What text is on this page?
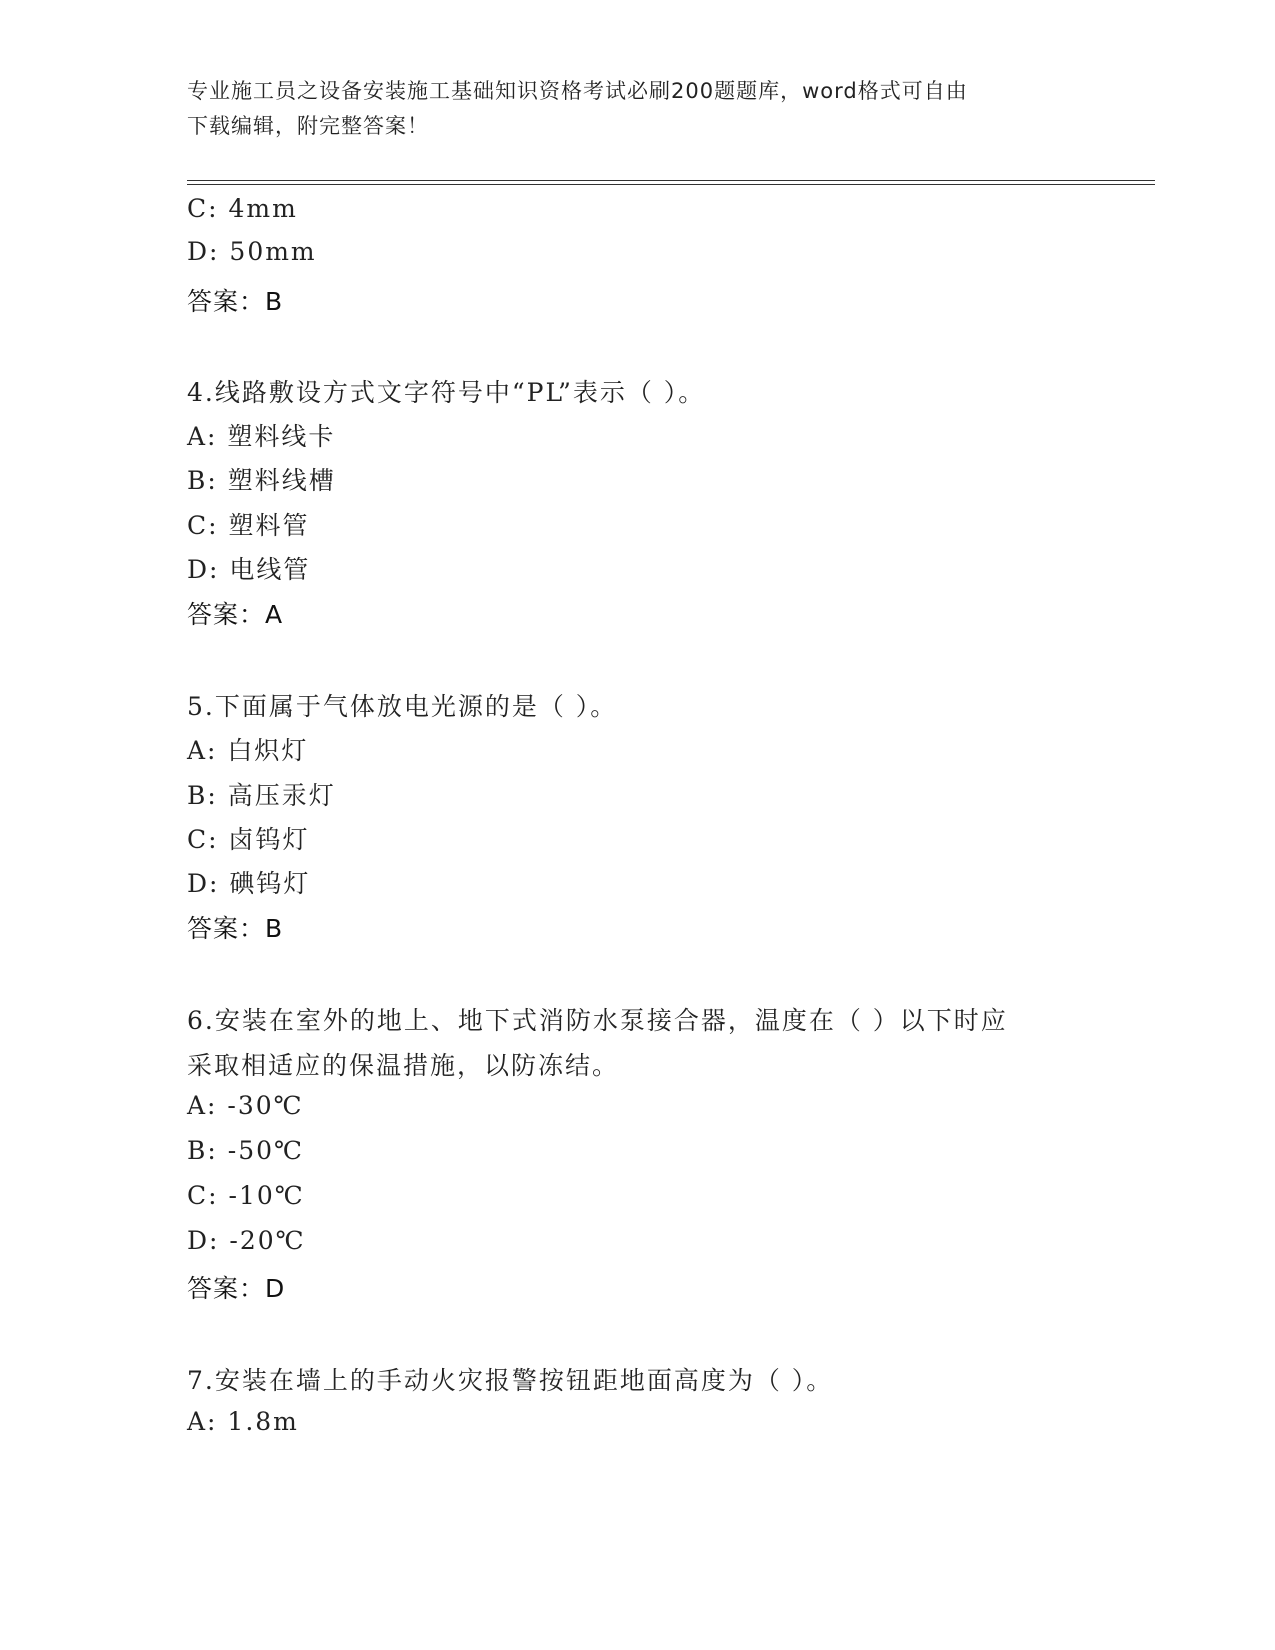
专业施工员之设备安装施工基础知识资格考试必刷200题题库，word格式可自由
下载编辑，附完整答案！
C: 4mm
D: 50mm
答案：B
4.线路敷设方式文字符号中“PL”表示（ ）。
A: 塑料线卡
B: 塑料线槽
C: 塑料管
D: 电线管
答案：A
5.下面属于气体放电光源的是（ ）。
A: 白炽灯
B: 高压汞灯
C: 卤钨灯
D: 碘钨灯
答案：B
6.安装在室外的地上、地下式消防水泵接合器，温度在（ ）以下时应
采取相适应的保温措施，以防冻结。
A: -30℃
B: -50℃
C: -10℃
D: -20℃
答案：D
7.安装在墙上的手动火灾报警按钮距地面高度为（ ）。
A: 1.8m
